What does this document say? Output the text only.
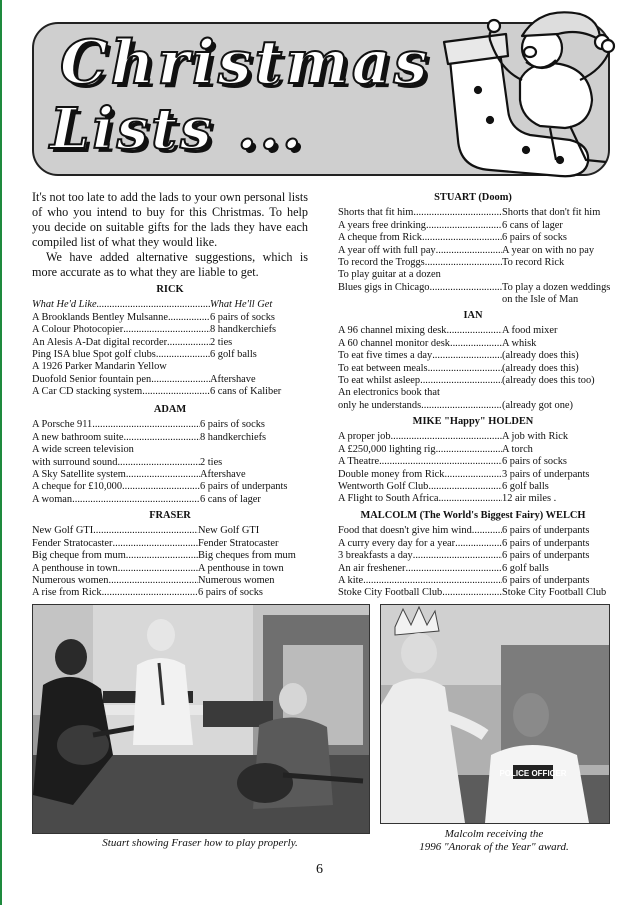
Christmas
Lists ...

It's not too late to add the lads to your own personal lists of who you intend to buy for this Christmas. To help you decide on suitable gifts for the lads they have each compiled list of what they would like.

We have added alternative suggestions, which is more accurate as to what they are liable to get.

RICK
What He'd Like .....	What He'll Get
A Brooklands Bentley Mulsanne .....	6 pairs of socks
A Colour Photocopier .....	8 handkerchiefs
An Alesis A-Dat digital recorder .....	2 ties
Ping ISA blue Spot golf clubs .....	6 golf balls
A 1926 Parker Mandarin Yellow
Duofold Senior fountain pen .....	Aftershave
A Car CD stacking system .....	6 cans of Kaliber
ADAM
A Porsche 911 .....	6 pairs of socks
A new bathroom suite .....	8 handkerchiefs
A wide screen television
with surround sound .....	2 ties
A Sky Satellite system .....	Aftershave
A cheque for £10,000 .....	6 pairs of underpants
A woman .....	6 cans of lager
FRASER
New Golf GTI .....	New Golf GTI
Fender Stratocaster .....	Fender Stratocaster
Big cheque from mum .....	Big cheques from mum
A penthouse in town .....	A penthouse in town
Numerous women .....	Numerous women
A rise from Rick .....	6 pairs of socks
STUART (Doom)
Shorts that fit him .....	Shorts that don't fit him
A years free drinking .....	6 cans of lager
A cheque from Rick .....	6 pairs of socks
A year off with full pay .....	A year on with no pay
To record the Troggs .....	To record Rick
To play guitar at a dozen
Blues gigs in Chicago .....	To play a dozen weddings
on the Isle of Man
IAN
A 96 channel mixing desk .....	A food mixer
A 60 channel monitor desk .....	A whisk
To eat five times a day .....	(already does this)
To eat between meals .....	(already does this)
To eat whilst asleep .....	(already does this too)
An electronics book that
only he understands .....	(already got one)
MIKE "Happy" HOLDEN
A proper job .....	A job with Rick
A £250,000 lighting rig .....	A torch
A Theatre .....	6 pairs of socks
Double money from Rick .....	3 pairs of underpants
Wentworth Golf Club .....	6 golf balls
A Flight to South Africa .....	12 air miles .
MALCOLM (The World's Biggest Fairy) WELCH
Food that doesn't give him wind .....	6 pairs of underpants
A curry every day for a year .....	6 pairs of underpants
3 breakfasts a day .....	6 pairs of underpants
An air freshener .....	6 golf balls
A kite .....	6 pairs of underpants
Stoke City Football Club .....	Stoke City Football Club
Stuart showing Fraser how to play properly.
POLICE OFFICER
Malcolm receiving the
1996 "Anorak of the Year" award.
6
